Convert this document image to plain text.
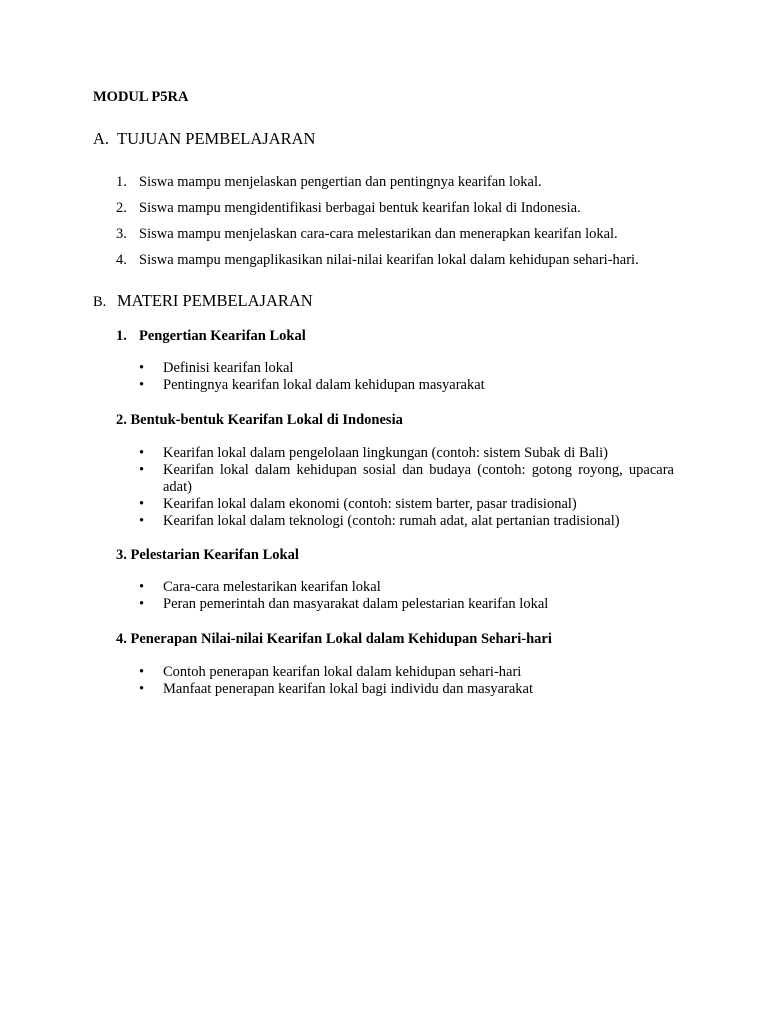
MODUL P5RA
A. TUJUAN PEMBELAJARAN
1. Siswa mampu menjelaskan pengertian dan pentingnya kearifan lokal.
2. Siswa mampu mengidentifikasi berbagai bentuk kearifan lokal di Indonesia.
3. Siswa mampu menjelaskan cara-cara melestarikan dan menerapkan kearifan lokal.
4. Siswa mampu mengaplikasikan nilai-nilai kearifan lokal dalam kehidupan sehari-hari.
B. MATERI PEMBELAJARAN
1. Pengertian Kearifan Lokal
•	Definisi kearifan lokal
•	Pentingnya kearifan lokal dalam kehidupan masyarakat
2. Bentuk-bentuk Kearifan Lokal di Indonesia
•	Kearifan lokal dalam pengelolaan lingkungan (contoh: sistem Subak di Bali)
•	Kearifan lokal dalam kehidupan sosial dan budaya (contoh: gotong royong, upacara adat)
•	Kearifan lokal dalam ekonomi (contoh: sistem barter, pasar tradisional)
•	Kearifan lokal dalam teknologi (contoh: rumah adat, alat pertanian tradisional)
3. Pelestarian Kearifan Lokal
•	Cara-cara melestarikan kearifan lokal
•	Peran pemerintah dan masyarakat dalam pelestarian kearifan lokal
4. Penerapan Nilai-nilai Kearifan Lokal dalam Kehidupan Sehari-hari
•	Contoh penerapan kearifan lokal dalam kehidupan sehari-hari
•	Manfaat penerapan kearifan lokal bagi individu dan masyarakat
